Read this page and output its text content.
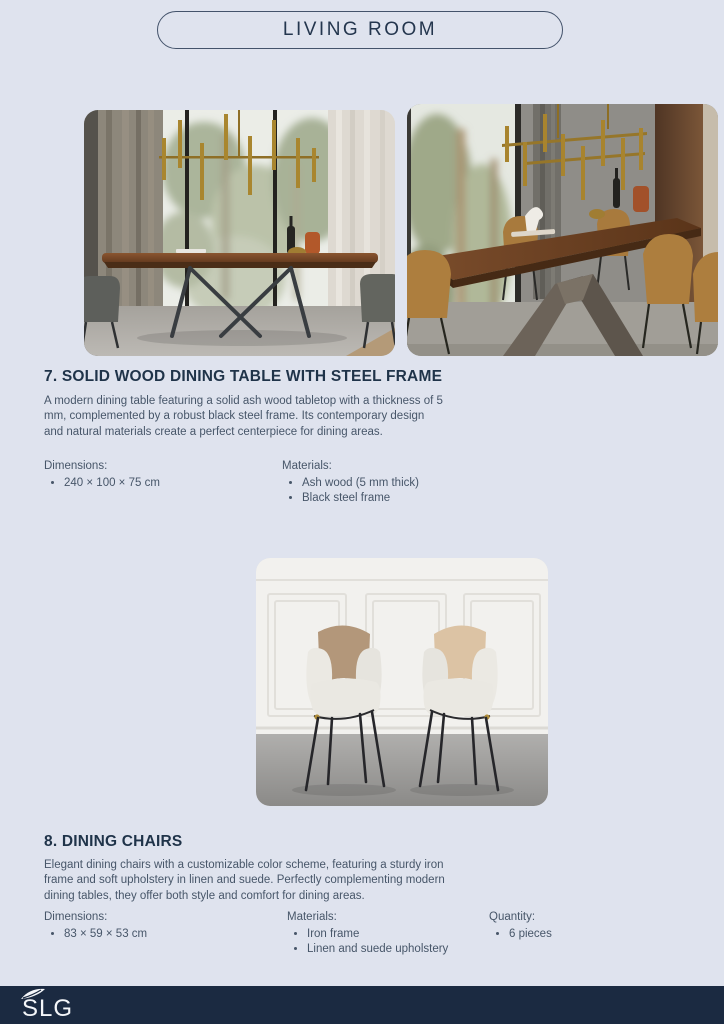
LIVING ROOM
7. SOLID WOOD DINING TABLE WITH STEEL FRAME

A modern dining table featuring a solid ash wood tabletop with a thickness of 5 mm, complemented by a robust black steel frame. Its contemporary design and natural materials create a perfect centerpiece for dining areas.

Dimensions:
• 240 × 100 × 75 cm
Materials:
• Ash wood (5 mm thick)
• Black steel frame
8. DINING CHAIRS

Elegant dining chairs with a customizable color scheme, featuring a sturdy iron frame and soft upholstery in linen and suede. Perfectly complementing modern dining tables, they offer both style and comfort for dining areas.

Dimensions:
• 83 × 59 × 53 cm
Materials:
• Iron frame
• Linen and suede upholstery
Quantity:
• 6 pieces
SLG
